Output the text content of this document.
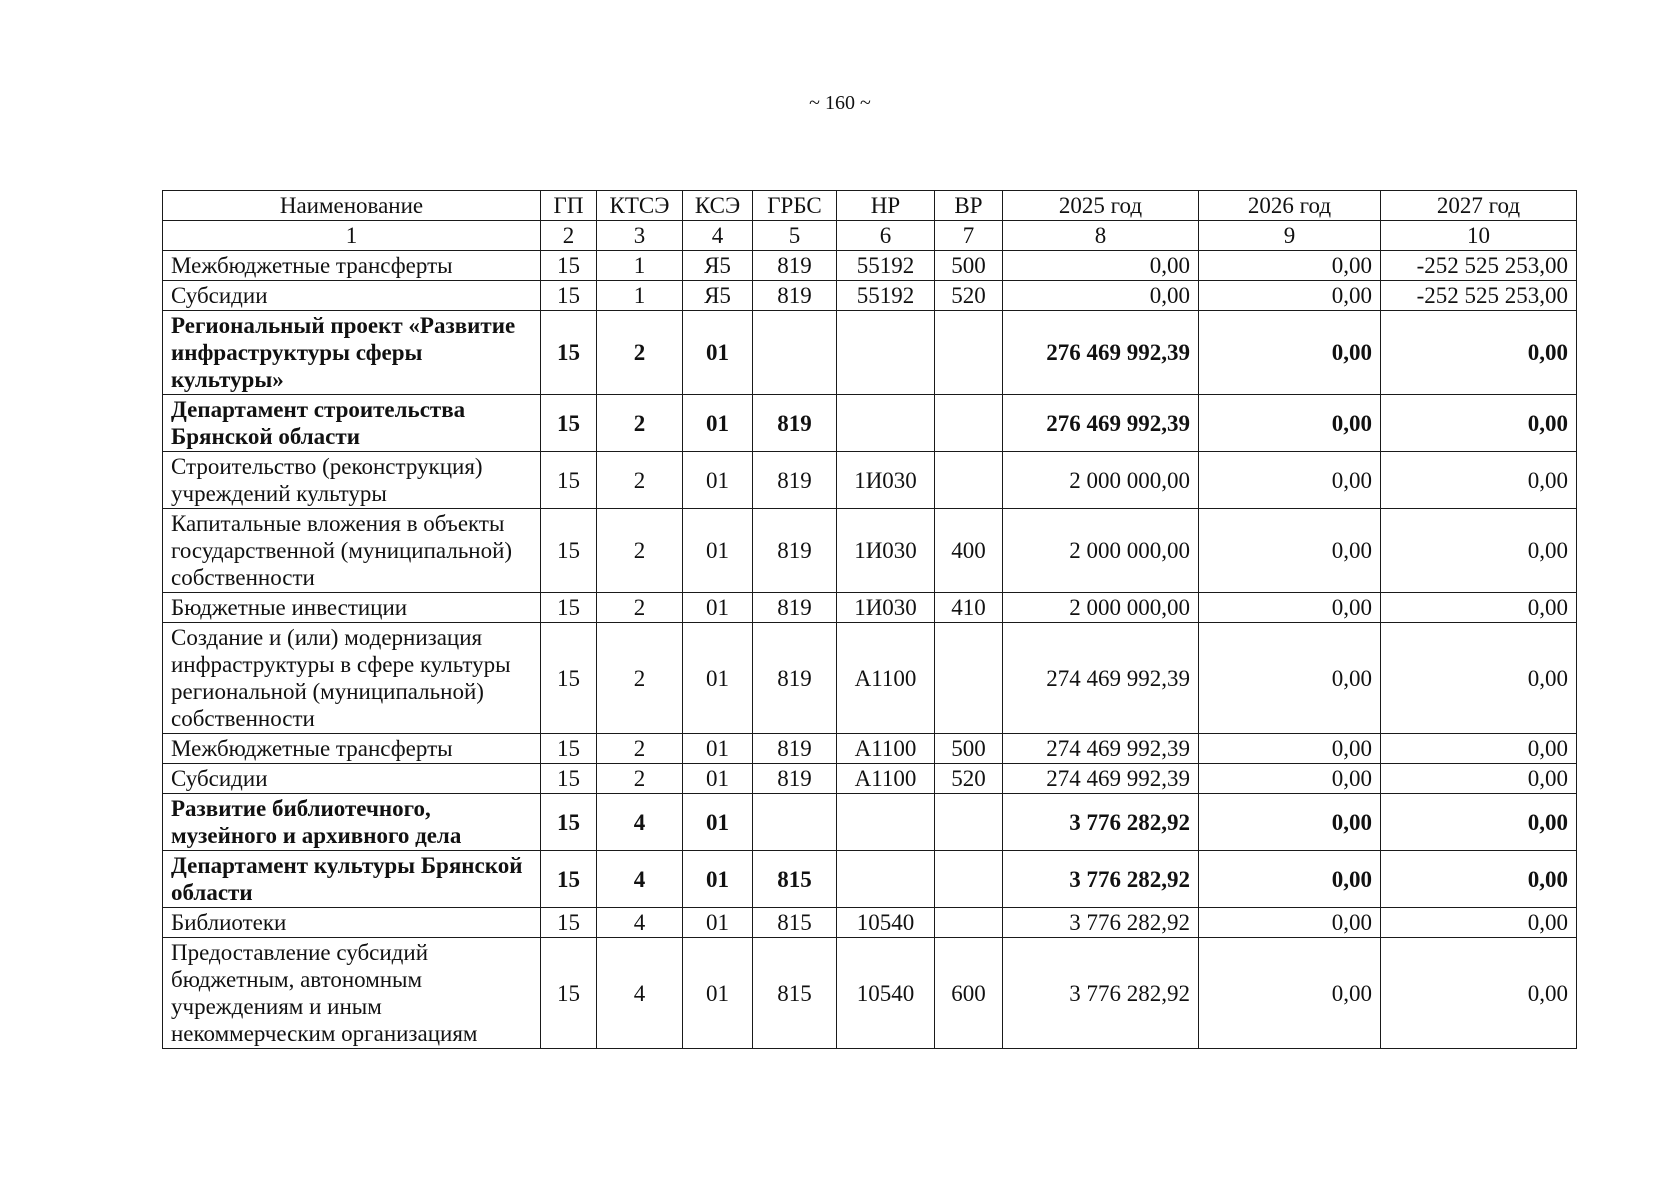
~ 160 ~
Наименование	ГП	КТСЭ	КСЭ	ГРБС	НР	ВР	2025 год	2026 год	2027 год
1	2	3	4	5	6	7	8	9	10
Межбюджетные трансферты	15	1	Я5	819	55192	500	0,00	0,00	-252 525 253,00
Субсидии	15	1	Я5	819	55192	520	0,00	0,00	-252 525 253,00
Региональный проект «Развитие инфраструктуры сферы культуры»	15	2	01				276 469 992,39	0,00	0,00
Департамент строительства Брянской области	15	2	01	819			276 469 992,39	0,00	0,00
Строительство (реконструкция) учреждений культуры	15	2	01	819	1И030		2 000 000,00	0,00	0,00
Капитальные вложения в объекты государственной (муниципальной) собственности	15	2	01	819	1И030	400	2 000 000,00	0,00	0,00
Бюджетные инвестиции	15	2	01	819	1И030	410	2 000 000,00	0,00	0,00
Создание и (или) модернизация инфраструктуры в сфере культуры региональной (муниципальной) собственности	15	2	01	819	А1100		274 469 992,39	0,00	0,00
Межбюджетные трансферты	15	2	01	819	А1100	500	274 469 992,39	0,00	0,00
Субсидии	15	2	01	819	А1100	520	274 469 992,39	0,00	0,00
Развитие библиотечного, музейного и архивного дела	15	4	01				3 776 282,92	0,00	0,00
Департамент культуры Брянской области	15	4	01	815			3 776 282,92	0,00	0,00
Библиотеки	15	4	01	815	10540		3 776 282,92	0,00	0,00
Предоставление субсидий бюджетным, автономным учреждениям и иным некоммерческим организациям	15	4	01	815	10540	600	3 776 282,92	0,00	0,00
